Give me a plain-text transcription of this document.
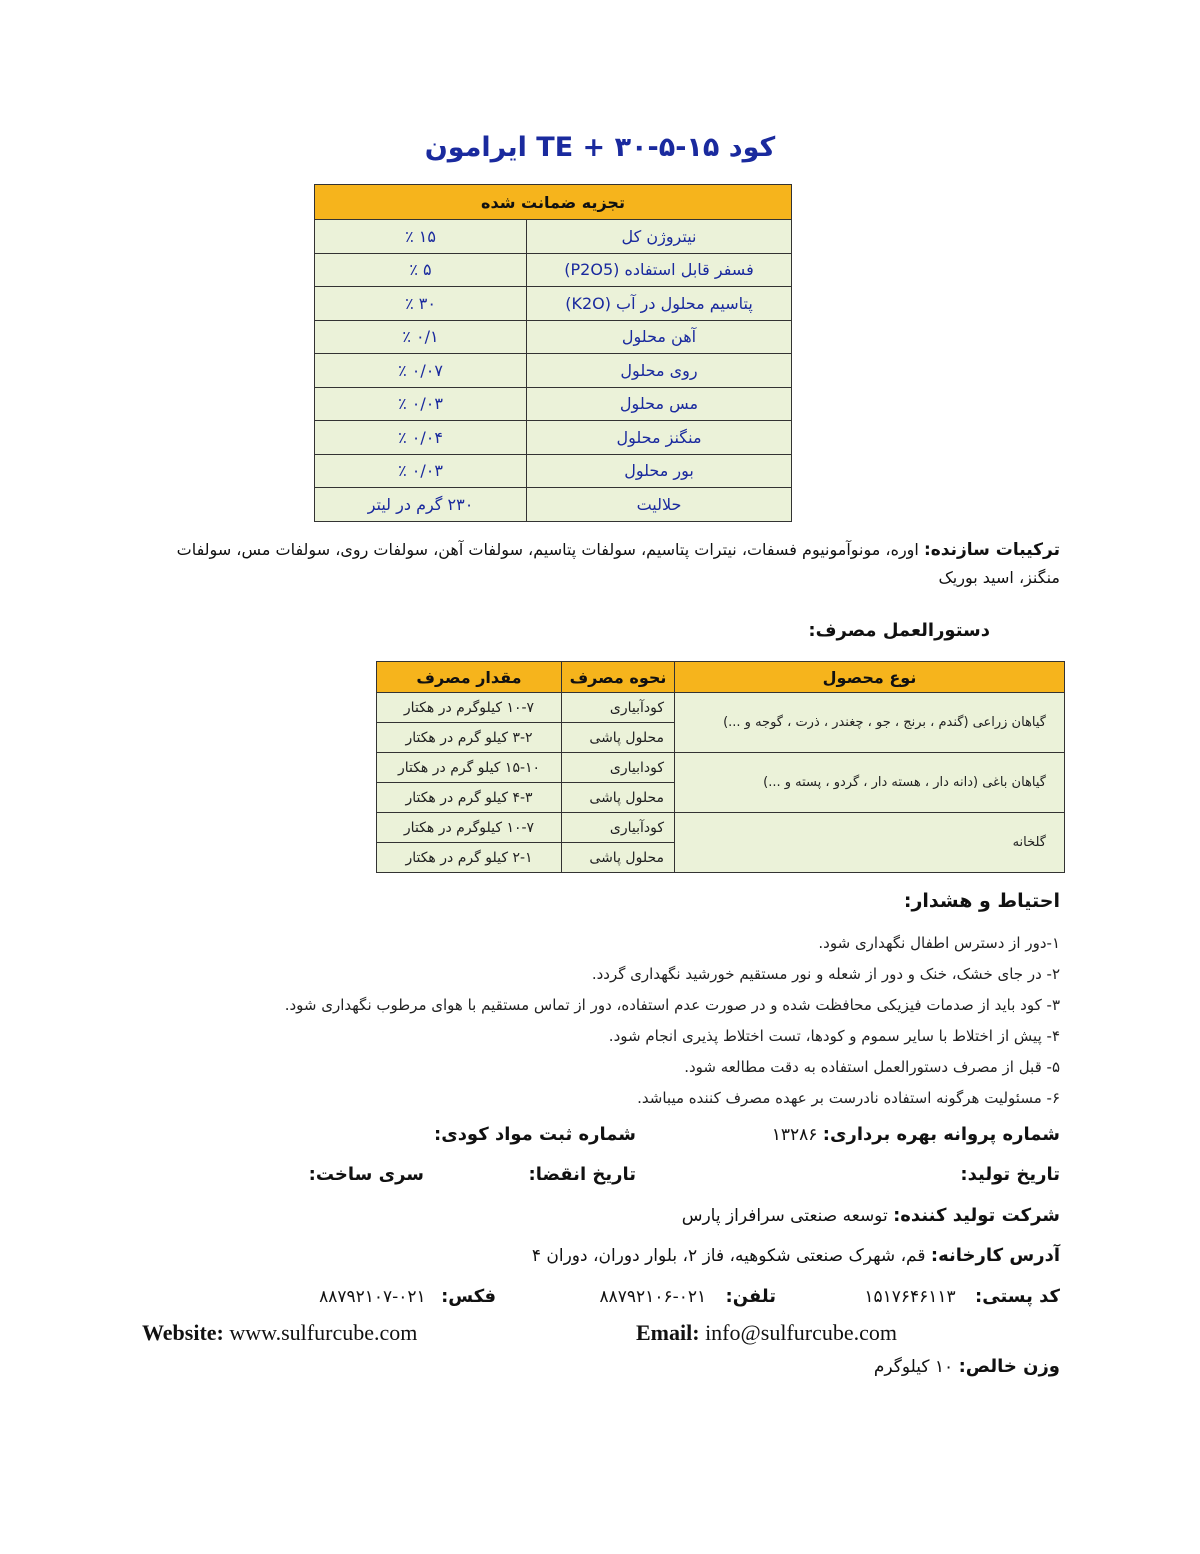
کود TE + ۳۰-۵-۱۵ ایرامون
تجزیه ضمانت شده	
نیتروژن کل	۱۵ ٪
فسفر قابل استفاده (P2O5)	۵ ٪
پتاسیم محلول در آب (K2O)	۳۰ ٪
آهن محلول	۰/۱ ٪
روی محلول	۰/۰۷ ٪
مس محلول	۰/۰۳ ٪
منگنز محلول	۰/۰۴ ٪
بور محلول	۰/۰۳ ٪
حلالیت	۲۳۰ گرم در لیتر
ترکیبات سازنده: اوره، مونوآمونیوم فسفات، نیترات پتاسیم، سولفات پتاسیم، سولفات آهن، سولفات روی، سولفات مس، سولفات منگنز، اسید بوریک
دستورالعمل مصرف:
نوع محصول	نحوه مصرف	مقدار مصرف
گیاهان زراعی (گندم ، برنج ، جو ، چغندر ، ذرت ، گوجه و ...)	کودآبیاری	۱۰-۷ کیلوگرم در هکتار
	محلول پاشی	۳-۲ کیلو گرم در هکتار
گیاهان باغی (دانه دار ، هسته دار ، گردو ، پسته و ...)	کودابیاری	۱۵-۱۰ کیلو گرم در هکتار
	محلول پاشی	۴-۳ کیلو گرم در هکتار
گلخانه	کودآبیاری	۱۰-۷ کیلوگرم در هکتار
	محلول پاشی	۲-۱ کیلو گرم در هکتار
احتیاط و هشدار:
۱-دور از دسترس اطفال نگهداری شود.
۲- در جای خشک، خنک و دور از شعله و نور مستقیم خورشید نگهداری گردد.
۳- کود باید از صدمات فیزیکی محافظت شده و در صورت عدم استفاده، دور از تماس مستقیم با هوای مرطوب نگهداری شود.
۴- پیش از اختلاط با سایر سموم و کودها، تست اختلاط پذیری انجام شود.
۵- قبل از مصرف دستورالعمل استفاده به دقت مطالعه شود.
۶- مسئولیت هرگونه استفاده نادرست بر عهده مصرف کننده میباشد.
شماره پروانه بهره برداری: ۱۳۲۸۶
شماره ثبت مواد کودی:
تاریخ تولید:
تاریخ انقضا:
سری ساخت:
شرکت تولید کننده: توسعه صنعتی سرافراز پارس
آدرس کارخانه: قم، شهرک صنعتی شکوهیه، فاز ۲، بلوار دوران، دوران ۴
کد پستی: ۱۵۱۷۶۴۶۱۱۳
تلفن: ۰۲۱-۸۸۷۹۲۱۰۶
فکس: ۰۲۱-۸۸۷۹۲۱۰۷
Website: www.sulfurcube.com	Email: info@sulfurcube.com
وزن خالص: ۱۰ کیلوگرم
